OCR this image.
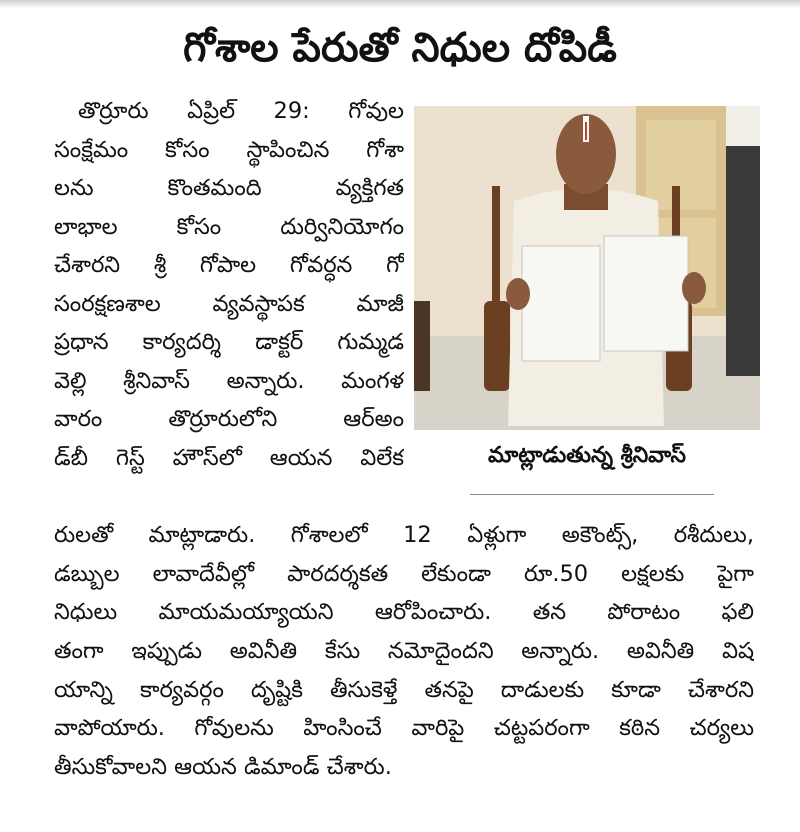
గోశాల పేరుతో నిధుల దోపిడీ
తొర్రూరు ఏప్రిల్ 29: గోవుల
సంక్షేమం కోసం స్థాపించిన గోశా
లను కొంతమంది వ్యక్తిగత
లాభాల కోసం దుర్వినియోగం
చేశారని శ్రీ గోపాల గోవర్ధన గో
సంరక్షణశాల వ్యవస్థాపక మాజీ
ప్రధాన కార్యదర్శి డాక్టర్ గుమ్మడ
వెల్లి శ్రీనివాస్ అన్నారు. మంగళ
వారం తొర్రూరులోని ఆర్అం
డ్‌బీ గెస్ట్ హౌస్‌లో ఆయన విలేక	మాట్లాడుతున్న శ్రీనివాస్
రులతో మాట్లాడారు. గోశాలలో 12 ఏళ్లుగా అకౌంట్స్, రశీదులు,
డబ్బుల లావాదేవీల్లో పారదర్శకత లేకుండా రూ.50 లక్షలకు పైగా
నిధులు మాయమయ్యాయని ఆరోపించారు. తన పోరాటం ఫలి
తంగా ఇప్పుడు అవినీతి కేసు నమోదైందని అన్నారు. అవినీతి విష
యాన్ని కార్యవర్గం దృష్టికి తీసుకెళ్తే తనపై దాడులకు కూడా చేశారని
వాపోయారు. గోవులను హింసించే వారిపై చట్టపరంగా కఠిన చర్యలు
తీసుకోవాలని ఆయన డిమాండ్ చేశారు.
